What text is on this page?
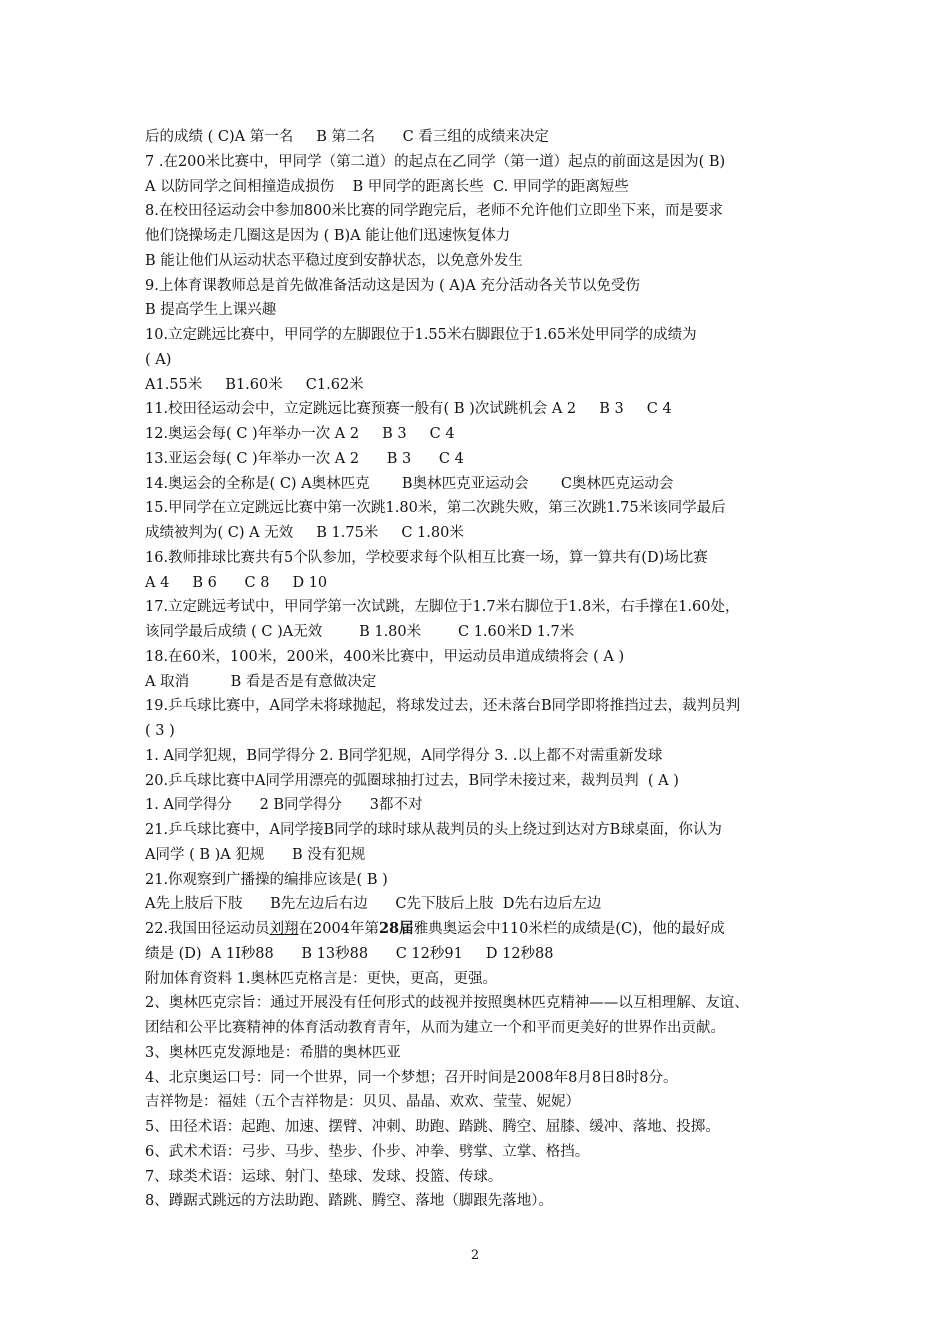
后的成绩 ( C)A 第一名     B 第二名      C 看三组的成绩来决定
7 .在200米比赛中，甲同学（第二道）的起点在乙同学（第一道）起点的前面这是因为( B)
A 以防同学之间相撞造成损伤    B 甲同学的距离长些  C. 甲同学的距离短些
8.在校田径运动会中参加800米比赛的同学跑完后，老师不允许他们立即坐下来，而是要求
他们饶操场走几圈这是因为 ( B)A 能让他们迅速恢复体力
B 能让他们从运动状态平稳过度到安静状态，以免意外发生
9.上体育课教师总是首先做准备活动这是因为 ( A)A 充分活动各关节以免受伤
B 提高学生上课兴趣
10.立定跳远比赛中，甲同学的左脚跟位于1.55米右脚跟位于1.65米处甲同学的成绩为
( A)
A1.55米     B1.60米     C1.62米
11.校田径运动会中，立定跳远比赛预赛一般有( B )次试跳机会 A 2     B 3     C 4
12.奥运会每( C )年举办一次 A 2     B 3     C 4
13.亚运会每( C )年举办一次 A 2      B 3      C 4
14.奥运会的全称是( C) A奥林匹克       B奥林匹克亚运动会       C奥林匹克运动会
15.甲同学在立定跳远比赛中第一次跳1.80米，第二次跳失败，第三次跳1.75米该同学最后
成绩被判为( C) A 无效     B 1.75米     C 1.80米
16.教师排球比赛共有5个队参加，学校要求每个队相互比赛一场，算一算共有(D)场比赛
A 4     B 6      C 8     D 10
17.立定跳远考试中，甲同学第一次试跳，左脚位于1.7米右脚位于1.8米，右手撑在1.60处，
该同学最后成绩 ( C )A无效        B 1.80米        C 1.60米D 1.7米
18.在60米，100米，200米，400米比赛中，甲运动员串道成绩将会 ( A )
A 取消         B 看是否是有意做决定
19.乒乓球比赛中，A同学未将球抛起，将球发过去，还未落台B同学即将推挡过去，裁判员判
( 3 )
1. A同学犯规，B同学得分 2. B同学犯规，A同学得分 3. .以上都不对需重新发球
20.乒乓球比赛中A同学用漂亮的弧圈球抽打过去，B同学未接过来，裁判员判  ( A )
1. A同学得分      2 B同学得分      3都不对
21.乒乓球比赛中，A同学接B同学的球时球从裁判员的头上绕过到达对方B球桌面，你认为
A同学 ( B )A 犯规      B 没有犯规
21.你观察到广播操的编排应该是( B )
A先上肢后下肢      B先左边后右边      C先下肢后上肢  D先右边后左边
22.我国田径运动员刘翔在2004年第28届雅典奥运会中110米栏的成绩是(C)，他的最好成
绩是 (D)  A 1I秒88      B 13秒88      C 12秒91     D 12秒88
附加体育资料 1.奥林匹克格言是：更快，更高，更强。
2、奥林匹克宗旨：通过开展没有任何形式的歧视并按照奥林匹克精神——以互相理解、友谊、
团结和公平比赛精神的体育活动教育青年，从而为建立一个和平而更美好的世界作出贡献。
3、奥林匹克发源地是：希腊的奥林匹亚
4、北京奥运口号：同一个世界，同一个梦想；召开时间是2008年8月8日8时8分。
吉祥物是：福娃（五个吉祥物是：贝贝、晶晶、欢欢、莹莹、妮妮）
5、田径术语：起跑、加速、摆臂、冲刺、助跑、踏跳、腾空、屈膝、缓冲、落地、投掷。
6、武术术语：弓步、马步、垫步、仆步、冲拳、劈掌、立掌、格挡。
7、球类术语：运球、射门、垫球、发球、投篮、传球。
8、蹲踞式跳远的方法助跑、踏跳、腾空、落地（脚跟先落地）。
2
